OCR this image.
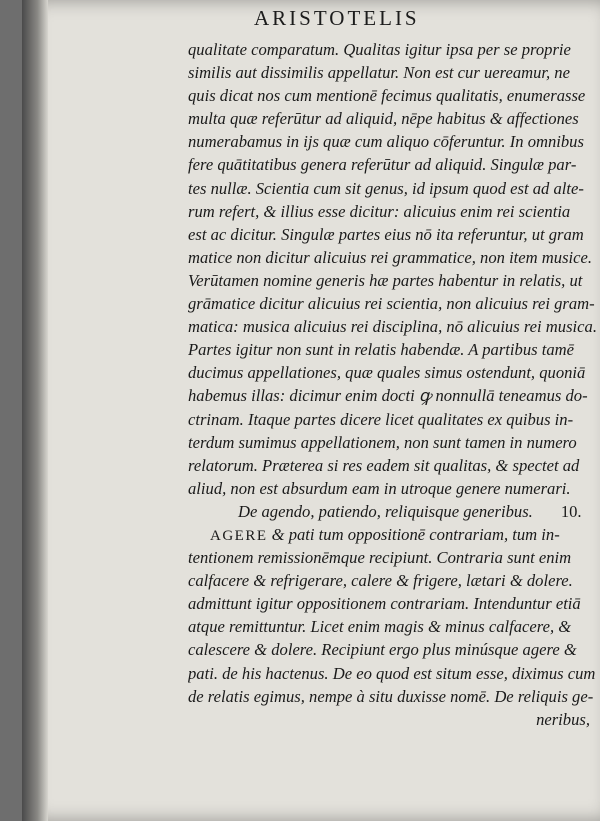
ARISTOTELIS
qualitate comparatum. Qualitas igitur ipsa per se proprie
similis aut dissimilis appellatur. Non est cur uereamur, ne
quis dicat nos cum mentionē fecimus qualitatis, enumerasse
multa quæ referūtur ad aliquid, nēpe habitus & affectiones
numerabamus in ijs quæ cum aliquo cōferuntur. In omnibus
fere quātitatibus genera referūtur ad aliquid. Singulæ par-
tes nullæ. Scientia cum sit genus, id ipsum quod est ad alte-
rum refert, & illius esse dicitur: alicuius enim rei scientia
est ac dicitur. Singulæ partes eius nō ita referuntur, ut gram
matice non dicitur alicuius rei grammatice, non item musice.
Verūtamen nomine generis hæ partes habentur in relatis, ut
grāmatice dicitur alicuius rei scientia, non alicuius rei gram-
matica: musica alicuius rei disciplina, nō alicuius rei musica.
Partes igitur non sunt in relatis habendæ. A partibus tamē
ducimus appellationes, quæ quales simus ostendunt, quoniā
habemus illas: dicimur enim docti ꝙ nonnullā teneamus do-
ctrinam. Itaque partes dicere licet qualitates ex quibus in-
terdum sumimus appellationem, non sunt tamen in numero
relatorum. Præterea si res eadem sit qualitas, & spectet ad
aliud, non est absurdum eam in utroque genere numerari.
De agendo, patiendo, reliquisque generibus. 10.
AGERE & pati tum oppositionē contrariam, tum in-
tentionem remissionēmque recipiunt. Contraria sunt enim
calfacere & refrigerare, calere & frigere, lætari & dolere.
admittunt igitur oppositionem contrariam. Intenduntur etiā
atque remittuntur. Licet enim magis & minus calfacere, &
calescere & dolere. Recipiunt ergo plus minúsque agere &
pati. de his hactenus. De eo quod est situm esse, diximus cum
de relatis egimus, nempe à situ duxisse nomē. De reliquis ge-
neribus,
